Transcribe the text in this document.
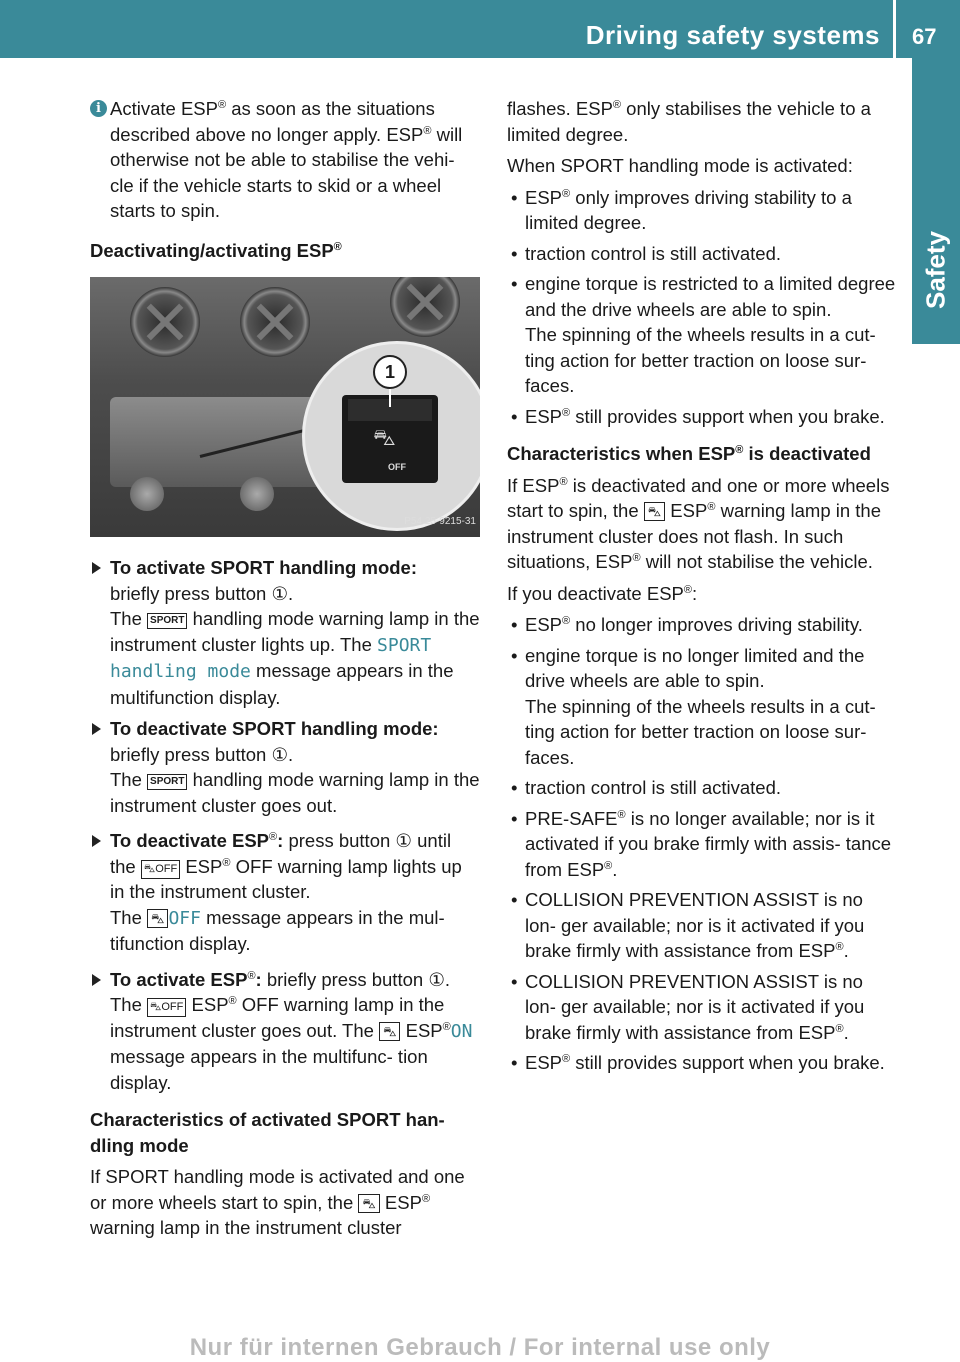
Driving safety systems 67
Safety
i Activate ESP® as soon as the situations described above no longer apply. ESP® will otherwise not be able to stabilise the vehi- cle if the vehicle starts to skid or a wheel starts to spin.
Deactivating/activating ESP®
⛍
OFF
1
P54.25-9215-31
To activate SPORT handling mode:
briefly press button ①.
The SPORT handling mode warning lamp in the instrument cluster lights up. The SPORT handling mode message appears in the multifunction display.
To deactivate SPORT handling mode:
briefly press button ①.
The SPORT handling mode warning lamp in the instrument cluster goes out.
To deactivate ESP®: press button ① until the ⛍OFF ESP® OFF warning lamp lights up in the instrument cluster.
The ⛍ OFF message appears in the mul- tifunction display.
To activate ESP®: briefly press button ①.
The ⛍OFF ESP® OFF warning lamp in the instrument cluster goes out. The ⛍ ESP®ON message appears in the multifunc- tion display.
Characteristics of activated SPORT han- dling mode

If SPORT handling mode is activated and one or more wheels start to spin, the ⛍ ESP® warning lamp in the instrument cluster

flashes. ESP® only stabilises the vehicle to a limited degree.

When SPORT handling mode is activated:

• ESP® only improves driving stability to a limited degree.
• traction control is still activated.
• engine torque is restricted to a limited degree and the drive wheels are able to spin.
The spinning of the wheels results in a cut- ting action for better traction on loose sur- faces.
• ESP® still provides support when you brake.
Characteristics when ESP® is deactivated

If ESP® is deactivated and one or more wheels start to spin, the ⛍ ESP® warning lamp in the instrument cluster does not flash. In such situations, ESP® will not stabilise the vehicle.

If you deactivate ESP®:

• ESP® no longer improves driving stability.
• engine torque is no longer limited and the drive wheels are able to spin.
The spinning of the wheels results in a cut- ting action for better traction on loose sur- faces.
• traction control is still activated.
• PRE-SAFE® is no longer available; nor is it activated if you brake firmly with assis- tance from ESP®.
• COLLISION PREVENTION ASSIST is no lon- ger available; nor is it activated if you brake firmly with assistance from ESP®.
• COLLISION PREVENTION ASSIST is no lon- ger available; nor is it activated if you brake firmly with assistance from ESP®.
• ESP® still provides support when you brake.
Nur für internen Gebrauch / For internal use only
